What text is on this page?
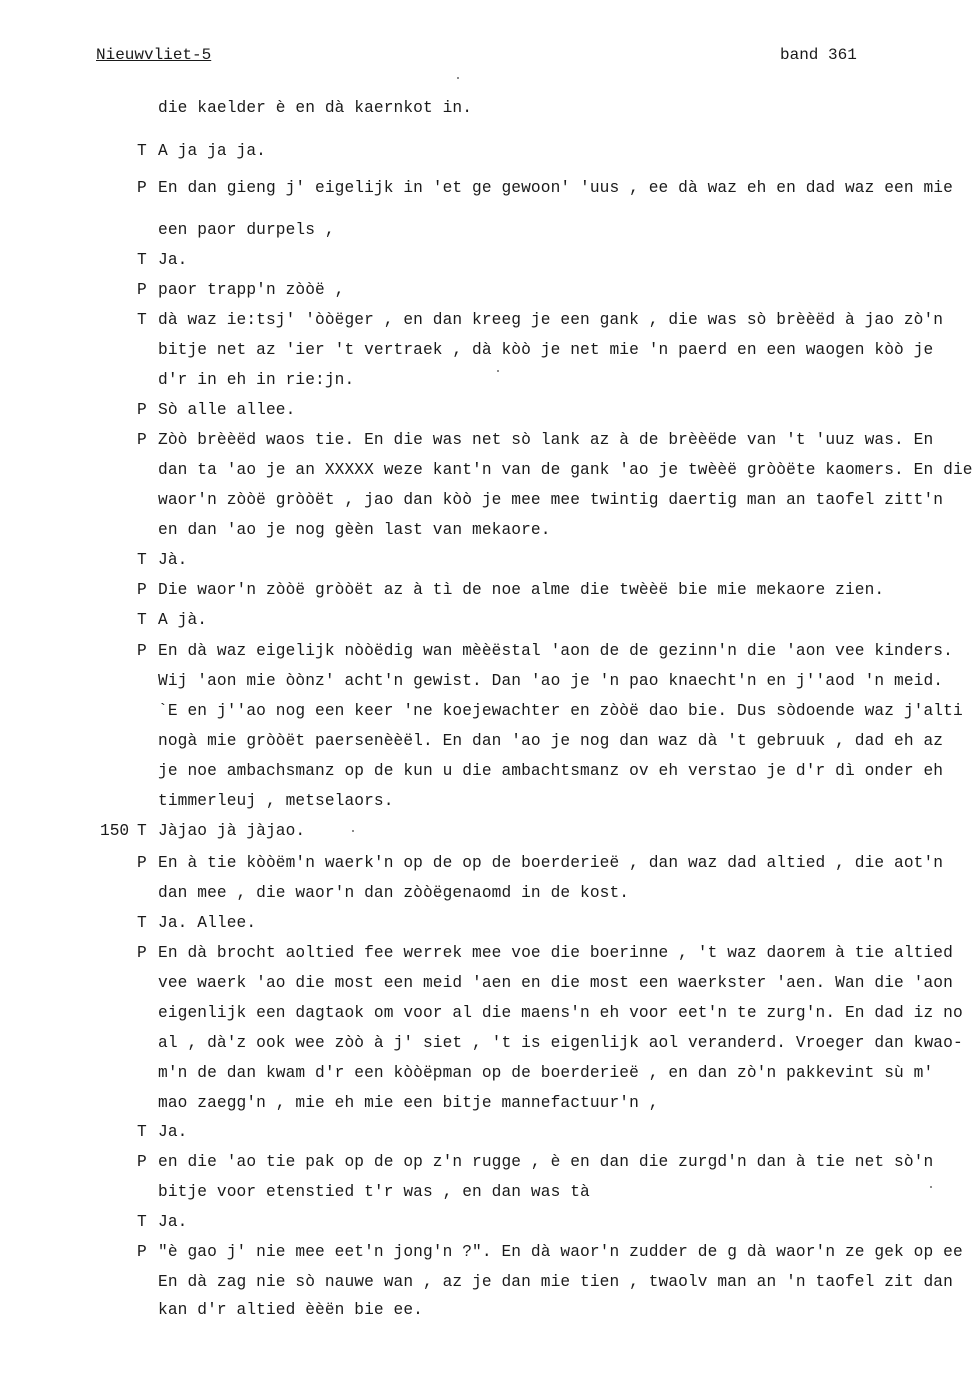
Nieuwvliet-5	band 361
150
die kaelder è en dà kaernkot in.
T A ja ja ja.
P En dan gieng j' eigelijk in 'et ge gewoon' 'uus , ee dà waz eh en dad waz een mie
een paor durpels ,
T Ja.
P paor trapp'n zòòë ,
T dà waz ie:tsj' 'òòëger , en dan kreeg je een gank , die was sò brèèëd à jao zò'n
bitje net az 'ier 't vertraek , dà kòò je net mie 'n paerd en een waogen kòò je
d'r in eh in rie:jn.
P Sò alle allee.
P Zòò brèèëd waos tie. En die was net sò lank az à de brèèëde van 't 'uuz was. En
dan ta 'ao je an XXXXX weze kant'n van de gank 'ao je twèèë gròòëte kaomers. En die
waor'n zòòë gròòët , jao dan kòò je mee mee twintig daertig man an taofel zitt'n
en dan 'ao je nog gèèn last van mekaore.
T Jà.
P Die waor'n zòòë gròòët az à tì de noe alme die twèèë bie mie mekaore zien.
T A jà.
P En dà waz eigelijk nòòëdig wan mèèëstal 'aon de de gezinn'n die 'aon vee kinders.
Wij 'aon mie òònz' acht'n gewist. Dan 'ao je 'n pao knaecht'n en j''aod 'n meid.
`E en j''ao nog een keer 'ne koejewachter en zòòë dao bie. Dus sòdoende waz j'alti
nogà mie gròòët paersenèèël. En dan 'ao je nog dan waz dà 't gebruuk , dad eh az
je noe ambachsmanz op de kun u die ambachtsmanz ov eh verstao je d'r dì onder eh
timmerleuj , metselaors.
T Jàjao jà jàjao.
P En à tie kòòëm'n waerk'n op de op de boerderieë , dan waz dad altied , die aot'n
dan mee , die waor'n dan zòòëgenaomd in de kost.
T Ja. Allee.
P En dà brocht aoltied fee werrek mee voe die boerinne , 't waz daorem à tie altied
vee waerk 'ao die most een meid 'aen en die most een waerkster 'aen. Wan die 'aon
eigenlijk een dagtaok om voor al die maens'n eh voor eet'n te zurg'n. En dad iz no
al , dà'z ook wee zòò à j' siet , 't is eigenlijk aol veranderd. Vroeger dan kwao-
m'n de dan kwam d'r een kòòëpman op de boerderieë , en dan zò'n pakkevint sù m'
mao zaegg'n , mie eh mie een bitje mannefactuur'n ,
T Ja.
P en die 'ao tie pak op de op z'n rugge , è en dan die zurgd'n dan à tie net sò'n
bitje voor etenstied t'r was , en dan was tà
T Ja.
P "è gao j' nie mee eet'n jong'n ?". En dà waor'n zudder de g dà waor'n ze gek op ee
En dà zag nie sò nauwe wan , az je dan mie tien , twaolv man an 'n taofel zit dan
kan d'r altied èèën bie ee.
